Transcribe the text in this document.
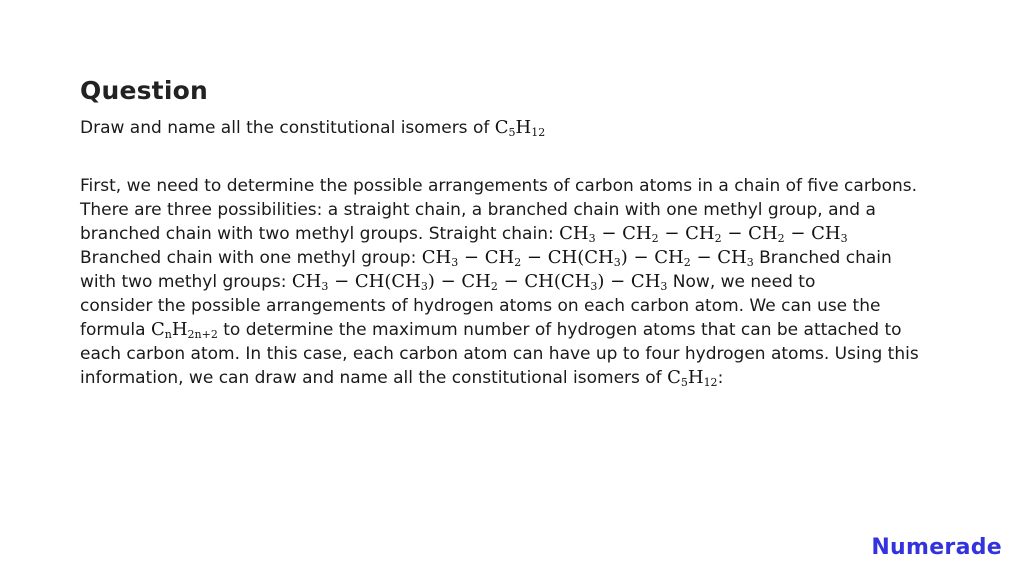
Question
Draw and name all the constitutional isomers of $C_5H_{12}$
First, we need to determine the possible arrangements of carbon atoms in a chain of five carbons.
There are three possibilities: a straight chain, a branched chain with one methyl group, and a
branched chain with two methyl groups. Straight chain: $CH_3 - CH_2 - CH_2 - CH_2 - CH_3$
Branched chain with one methyl group: $CH_3 - CH_2 - CH(CH_3) - CH_2 - CH_3$ Branched chain
with two methyl groups: $CH_3 - CH(CH_3) - CH_2 - CH(CH_3) - CH_3$ Now, we need to
consider the possible arrangements of hydrogen atoms on each carbon atom. We can use the
formula $C_nH_{2n+2}$ to determine the maximum number of hydrogen atoms that can be attached to
each carbon atom. In this case, each carbon atom can have up to four hydrogen atoms. Using this
information, we can draw and name all the constitutional isomers of $C_5H_{12}$:
Numerade
